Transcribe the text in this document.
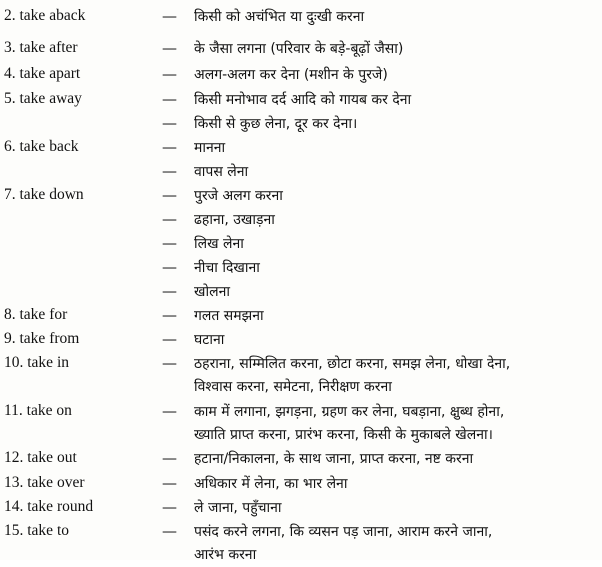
2. take aback	— किसी को अचंभित या दुःखी करना
3. take after	— के जैसा लगना (परिवार के बड़े-बूढ़ों जैसा)
4. take apart	— अलग-अलग कर देना (मशीन के पुरजे)
5. take away	— किसी मनोभाव दर्द आदि को गायब कर देना
— किसी से कुछ लेना, दूर कर देना।
6. take back	— मानना
— वापस लेना
7. take down	— पुरजे अलग करना
— ढहाना, उखाड़ना
— लिख लेना
— नीचा दिखाना
— खोलना
8. take for	— गलत समझना
9. take from	— घटाना
10. take in	— ठहराना, सम्मिलित करना, छोटा करना, समझ लेना, धोखा देना,
विश्वास करना, समेटना, निरीक्षण करना
11. take on	— काम में लगाना, झगड़ना, ग्रहण कर लेना, घबड़ाना, क्षुब्ध होना,
ख्याति प्राप्त करना, प्रारंभ करना, किसी के मुकाबले खेलना।
12. take out	— हटाना/निकालना, के साथ जाना, प्राप्त करना, नष्ट करना
13. take over	— अधिकार में लेना, का भार लेना
14. take round	— ले जाना, पहुँचाना
15. take to	— पसंद करने लगना, कि व्यसन पड़ जाना, आराम करने जाना,
आरंभ करना
